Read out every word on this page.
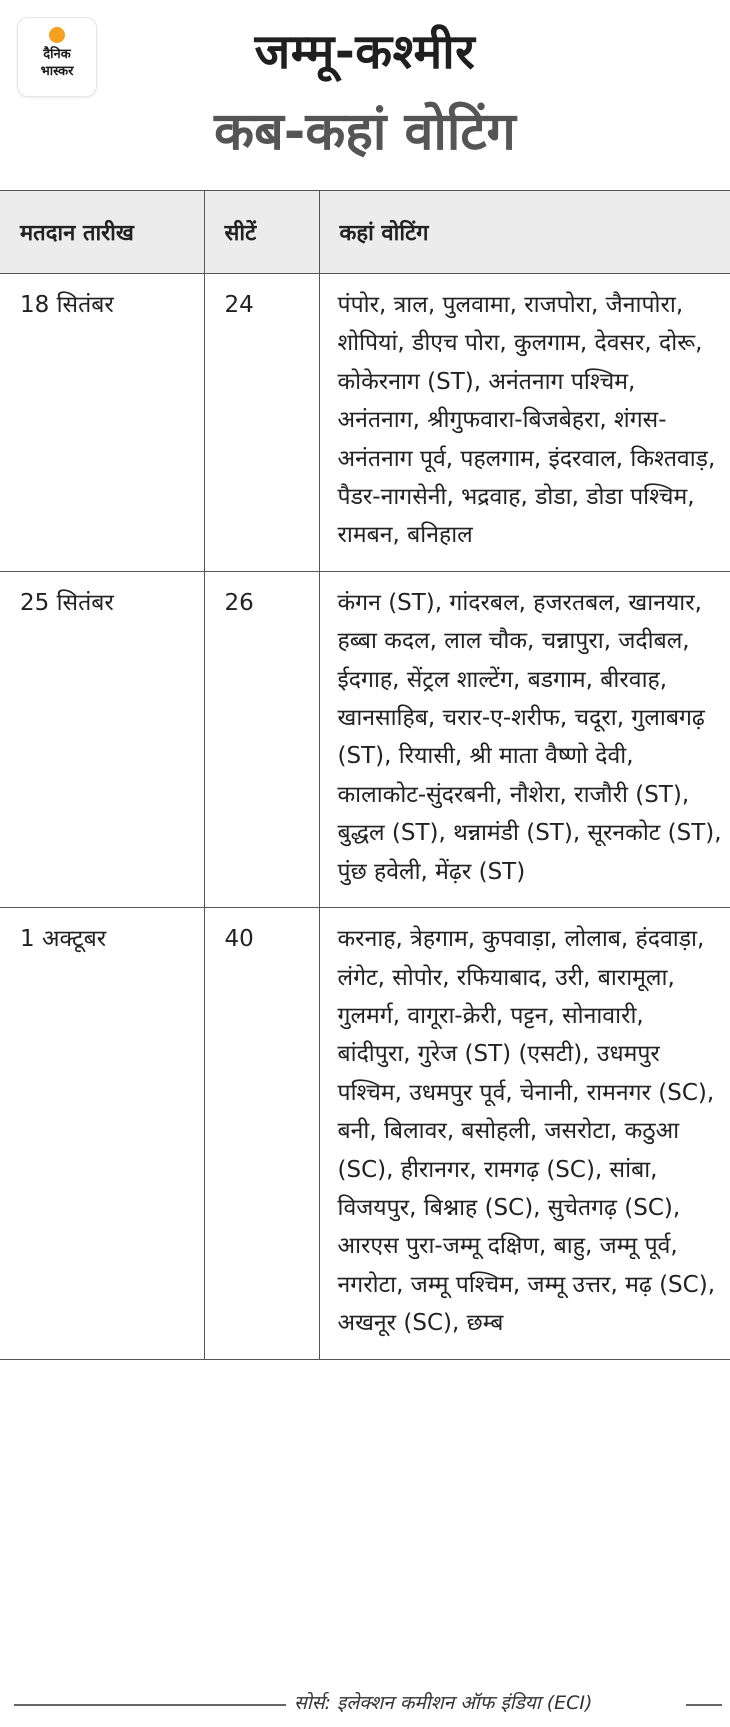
दैनिक
भास्कर	जम्मू-कश्मीर
कब-कहां वोटिंग
मतदान तारीख	सीटें	कहां वोटिंग
18 सितंबर	24	पंपोर, त्राल, पुलवामा, राजपोरा, जैनापोरा, शोपियां, डीएच पोरा, कुलगाम, देवसर, दोरू, कोकेरनाग (ST), अनंतनाग पश्चिम, अनंतनाग, श्रीगुफवारा-बिजबेहरा, शंगस-अनंतनाग पूर्व, पहलगाम, इंदरवाल, किश्तवाड़, पैडर-नागसेनी, भद्रवाह, डोडा, डोडा पश्चिम, रामबन, बनिहाल
25 सितंबर	26	कंगन (ST), गांदरबल, हजरतबल, खानयार, हब्बा कदल, लाल चौक, चन्नापुरा, जदीबल, ईदगाह, सेंट्रल शाल्टेंग, बडगाम, बीरवाह, खानसाहिब, चरार-ए-शरीफ, चदूरा, गुलाबगढ़ (ST), रियासी, श्री माता वैष्णो देवी, कालाकोट-सुंदरबनी, नौशेरा, राजौरी (ST), बुद्धल (ST), थन्नामंडी (ST), सूरनकोट (ST), पुंछ हवेली, मेंढ़र (ST)
1 अक्टूबर	40	करनाह, त्रेहगाम, कुपवाड़ा, लोलाब, हंदवाड़ा, लंगेट, सोपोर, रफियाबाद, उरी, बारामूला, गुलमर्ग, वागूरा-क्रेरी, पट्टन, सोनावारी, बांदीपुरा, गुरेज (ST) (एसटी), उधमपुर पश्चिम, उधमपुर पूर्व, चेनानी, रामनगर (SC), बनी, बिलावर, बसोहली, जसरोटा, कठुआ (SC), हीरानगर, रामगढ़ (SC), सांबा, विजयपुर, बिश्नाह (SC), सुचेतगढ़ (SC), आरएस पुरा-जम्मू दक्षिण, बाहु, जम्मू पूर्व, नगरोटा, जम्मू पश्चिम, जम्मू उत्तर, मढ़ (SC), अखनूर (SC), छम्ब
सोर्स: इलेक्शन कमीशन ऑफ इंडिया (ECI)
